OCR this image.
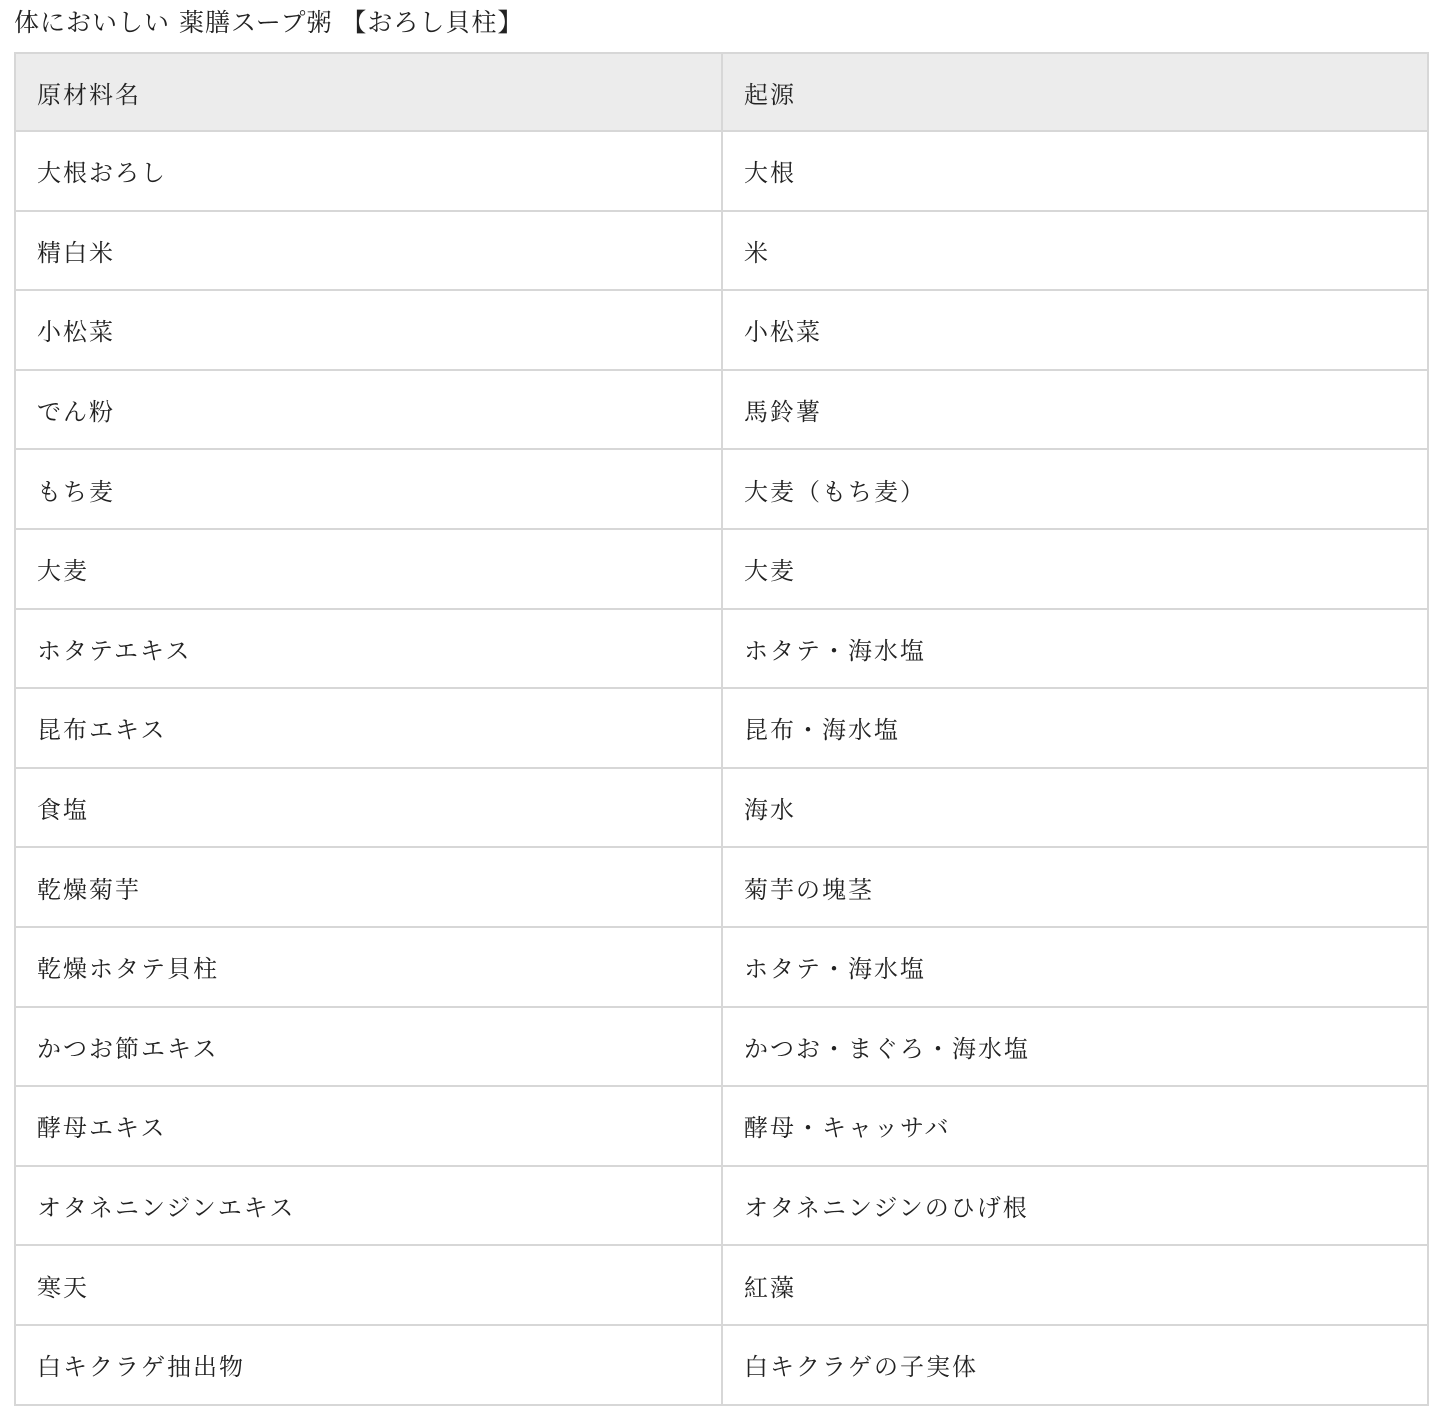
体においしい 薬膳スープ粥 【おろし貝柱】
原材料名	起源
大根おろし	大根
精白米	米
小松菜	小松菜
でん粉	馬鈴薯
もち麦	大麦（もち麦）
大麦	大麦
ホタテエキス	ホタテ・海水塩
昆布エキス	昆布・海水塩
食塩	海水
乾燥菊芋	菊芋の塊茎
乾燥ホタテ貝柱	ホタテ・海水塩
かつお節エキス	かつお・まぐろ・海水塩
酵母エキス	酵母・キャッサバ
オタネニンジンエキス	オタネニンジンのひげ根
寒天	紅藻
白キクラゲ抽出物	白キクラゲの子実体
